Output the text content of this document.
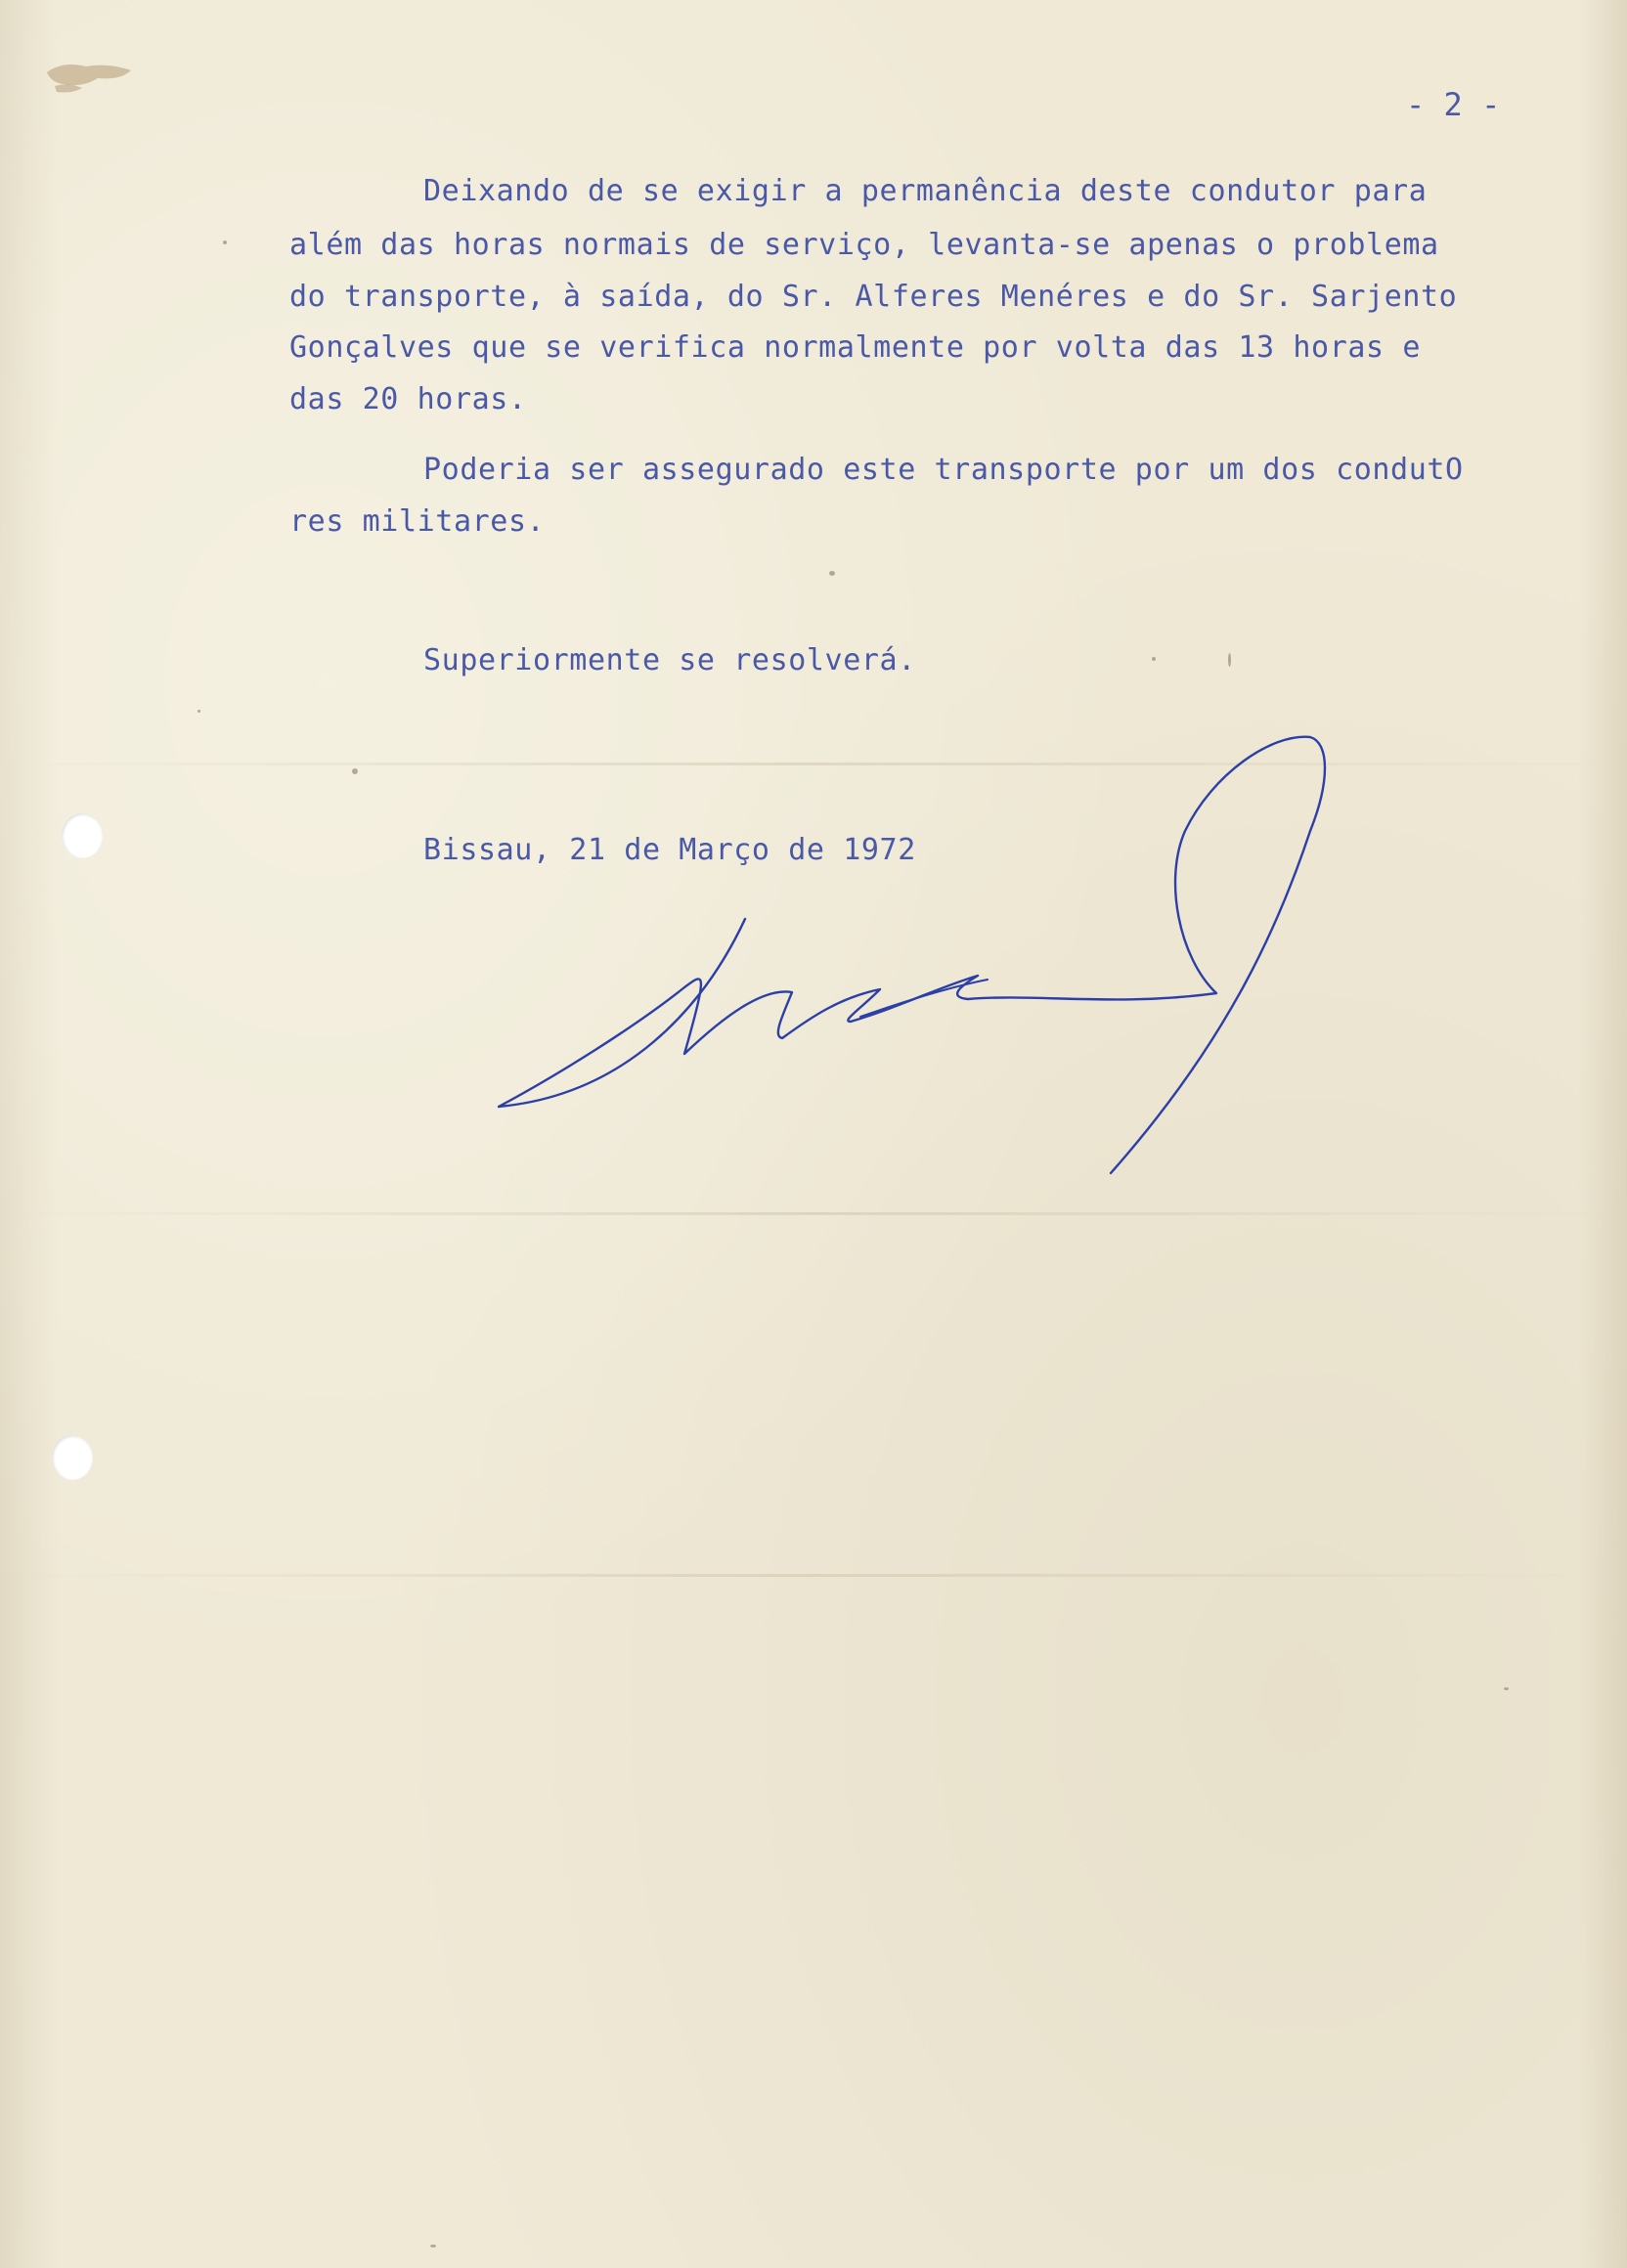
- 2 -
Deixando de se exigir a permanência deste condutor para
além das horas normais de serviço, levanta-se apenas o problema
do transporte, à saída, do Sr. Alferes Menéres e do Sr. Sarjento
Gonçalves que se verifica normalmente por volta das 13 horas e
das 20 horas.
Poderia ser assegurado este transporte por um dos condutO
res militares.
Superiormente se resolverá.
Bissau, 21 de Março de 1972
